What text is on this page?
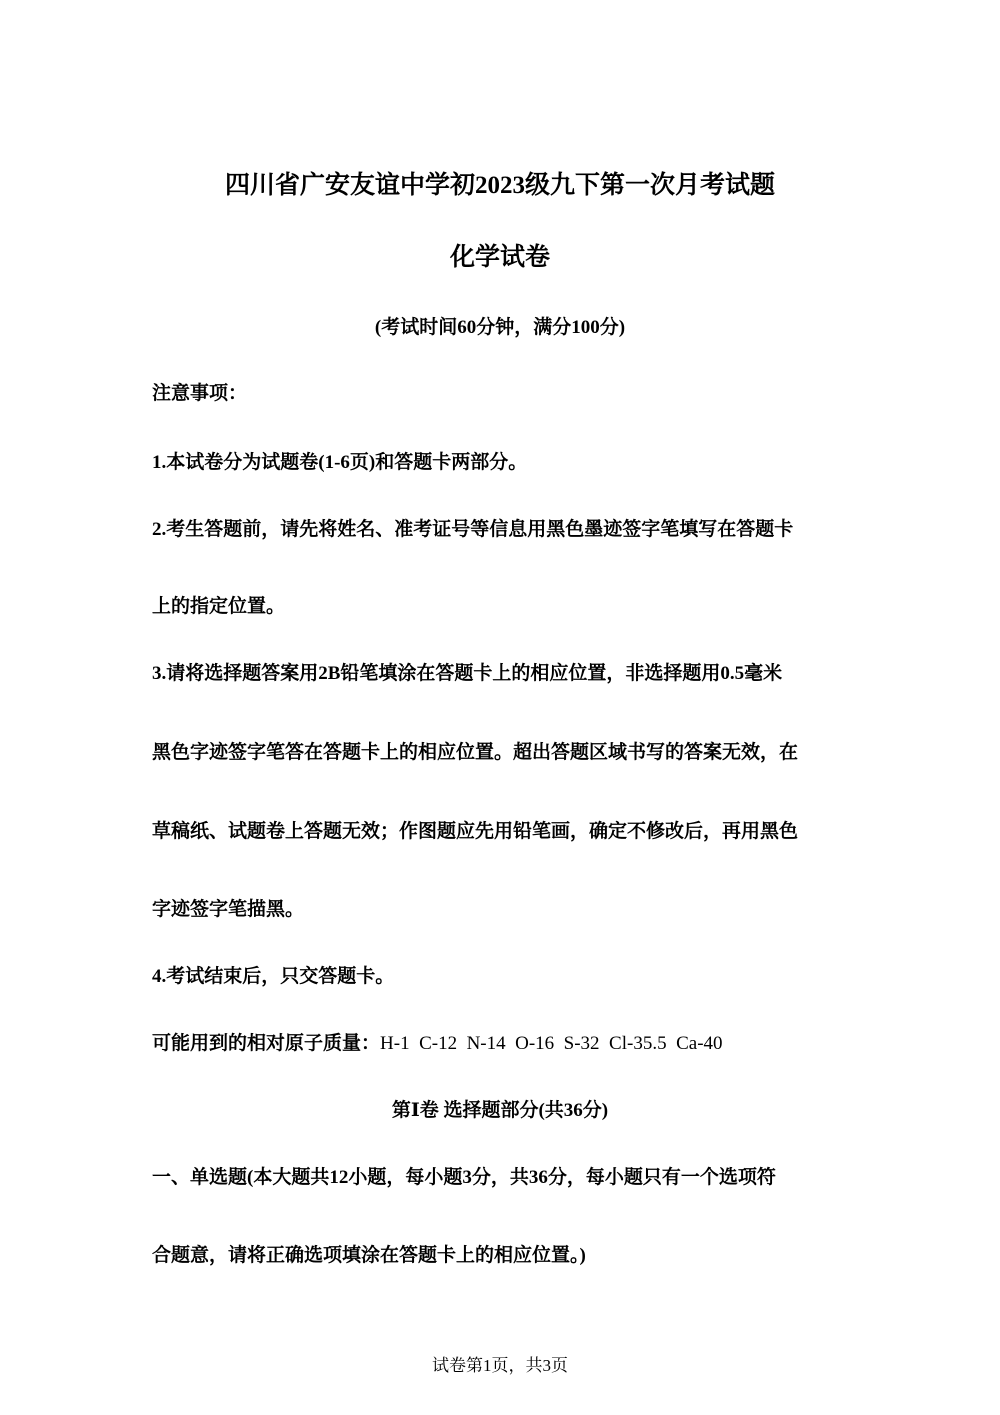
四川省广安友谊中学初2023级九下第一次月考试题
化学试卷
(考试时间60分钟，满分100分)
注意事项：
1.本试卷分为试题卷(1-6页)和答题卡两部分。
2.考生答题前，请先将姓名、准考证号等信息用黑色墨迹签字笔填写在答题卡
上的指定位置。
3.请将选择题答案用2B铅笔填涂在答题卡上的相应位置，非选择题用0.5毫米
黑色字迹签字笔答在答题卡上的相应位置。超出答题区域书写的答案无效，在
草稿纸、试题卷上答题无效；作图题应先用铅笔画，确定不修改后，再用黑色
字迹签字笔描黑。
4.考试结束后，只交答题卡。
可能用到的相对原子质量：H-1  C-12  N-14  O-16  S-32  Cl-35.5  Ca-40
第Ⅰ卷 选择题部分(共36分)
一、单选题(本大题共12小题，每小题3分，共36分，每小题只有一个选项符
合题意，请将正确选项填涂在答题卡上的相应位置。)
试卷第1页，共3页
